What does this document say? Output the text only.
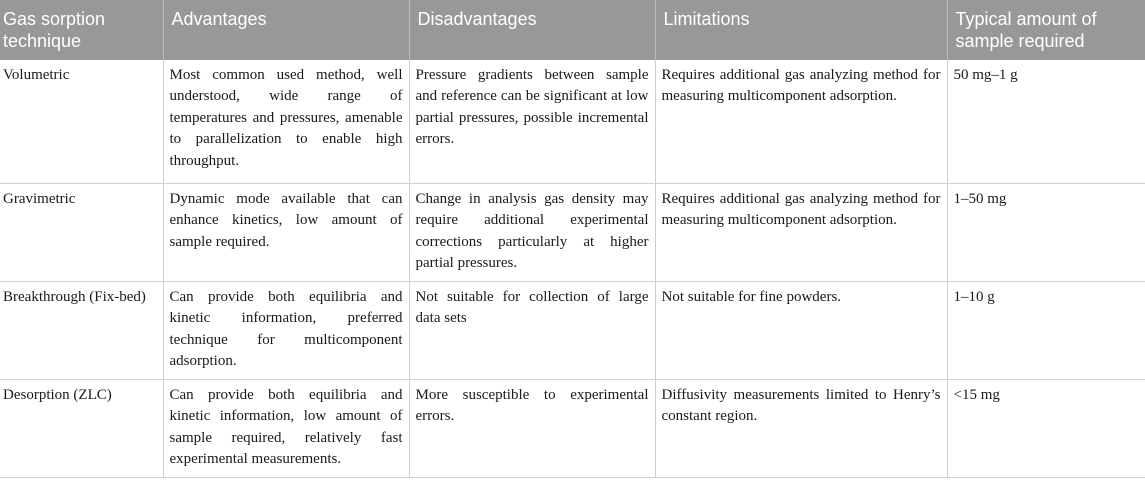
Gas sorption technique	Advantages	Disadvantages	Limitations	Typical amount of sample required
Volumetric	Most common used method, well understood, wide range of temperatures and pressures, amenable to parallelization to enable high throughput.	Pressure gradients between sample and reference can be significant at low partial pressures, possible incremental errors.	Requires additional gas analyzing method for measuring multicomponent adsorption.	50 mg–1 g
Gravimetric	Dynamic mode available that can enhance kinetics, low amount of sample required.	Change in analysis gas density may require additional experimental corrections particularly at higher partial pressures.	Requires additional gas analyzing method for measuring multicomponent adsorption.	1–50 mg
Breakthrough (Fix-bed)	Can provide both equilibria and kinetic information, preferred technique for multicomponent adsorption.	Not suitable for collection of large data sets	Not suitable for fine powders.	1–10 g
Desorption (ZLC)	Can provide both equilibria and kinetic information, low amount of sample required, relatively fast experimental measurements.	More susceptible to experimental errors.	Diffusivity measurements limited to Henry’s constant region.	<15 mg
